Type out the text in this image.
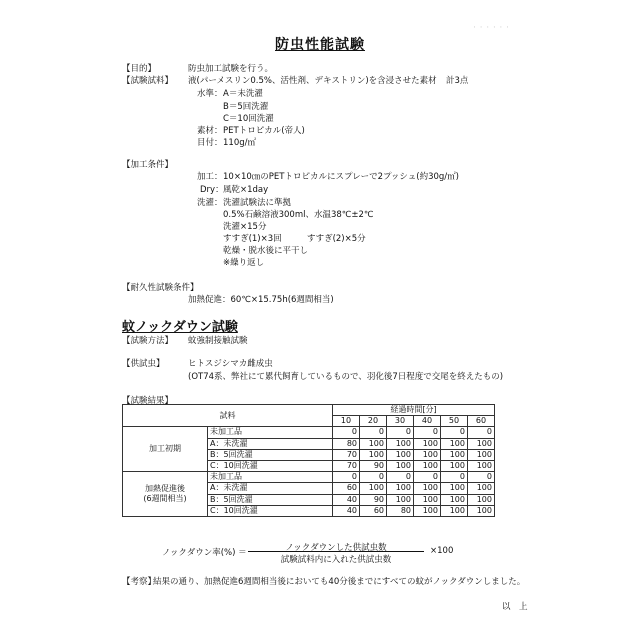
・ ・ ・ ・ ・ ・
防虫性能試験
【目的】	防虫加工試験を行う。
【試験試料】 液(パーメスリン0.5%、活性剤、デキストリン)を含浸させた素材 計3点
水準： A＝未洗濯
B＝5回洗濯
C＝10回洗濯
素材： PETトロピカル(帝人)
目付： 110g/㎡
【加工条件】
加工： 10×10㎝のPETトロピカルにスプレーで2プッシュ(約30g/㎡)
Dry： 風乾×1day
洗濯： 洗濯試験法に準拠
0.5%石鹸溶液300ml、水温38℃±2℃
洗濯×15分
すすぎ(1)×3回	すすぎ(2)×5分
乾燥・脱水後に平干し
※繰り返し
【耐久性試験条件】
加熱促進：60℃×15.75h(6週間相当)
蚊ノックダウン試験
【試験方法】 蚊強制接触試験
【供試虫】	ヒトスジシマカ雌成虫
(OT74系、弊社にて累代飼育しているもので、羽化後7日程度で交尾を終えたもの)
【試験結果】
試料		経過時間[分]					
		10	20	30	40	50	60

加工初期	未加工品	0	0	0	0	0	0
	A：未洗濯	80	100	100	100	100	100
	B：5回洗濯	70	100	100	100	100	100
	C：10回洗濯	70	90	100	100	100	100

加熱促進後
(6週間相当)	未加工品	0	0	0	0	0	0
	A：未洗濯	60	100	100	100	100	100
	B：5回洗濯	40	90	100	100	100	100
	C：10回洗濯	40	60	80	100	100	100
ノックダウン率(%) ＝	ノックダウンした供試虫数
試験試料内に入れた供試虫数
×100
【考察】
結果の通り、加熱促進6週間相当後においても40分後までにすべての蚊がノックダウンしました。
以　上
